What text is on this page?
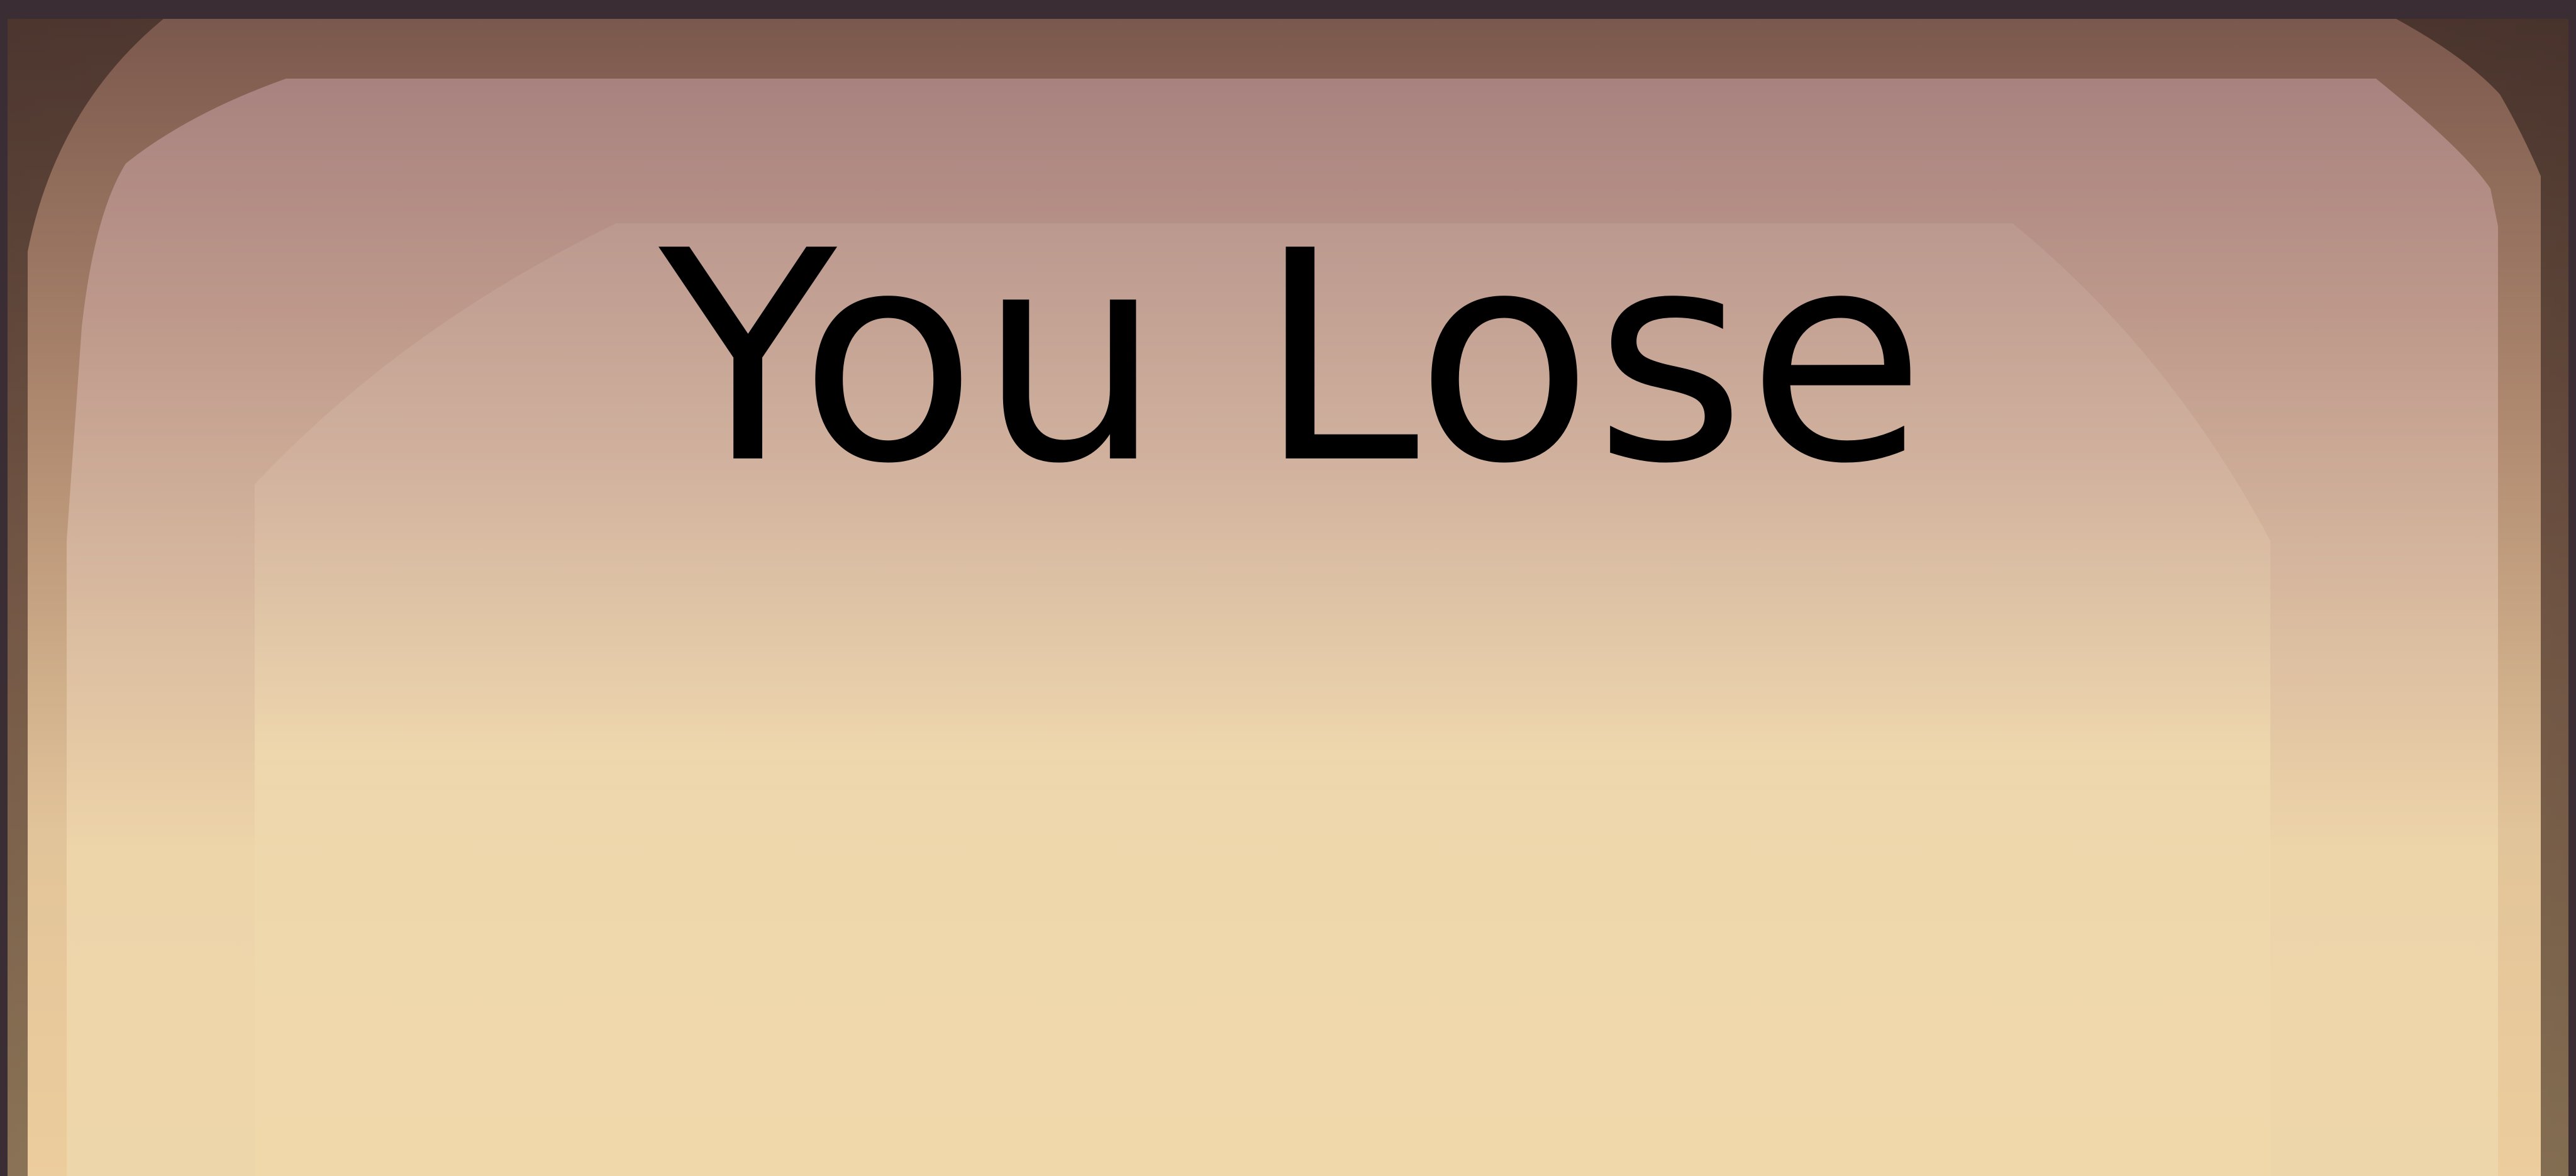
You Lose
